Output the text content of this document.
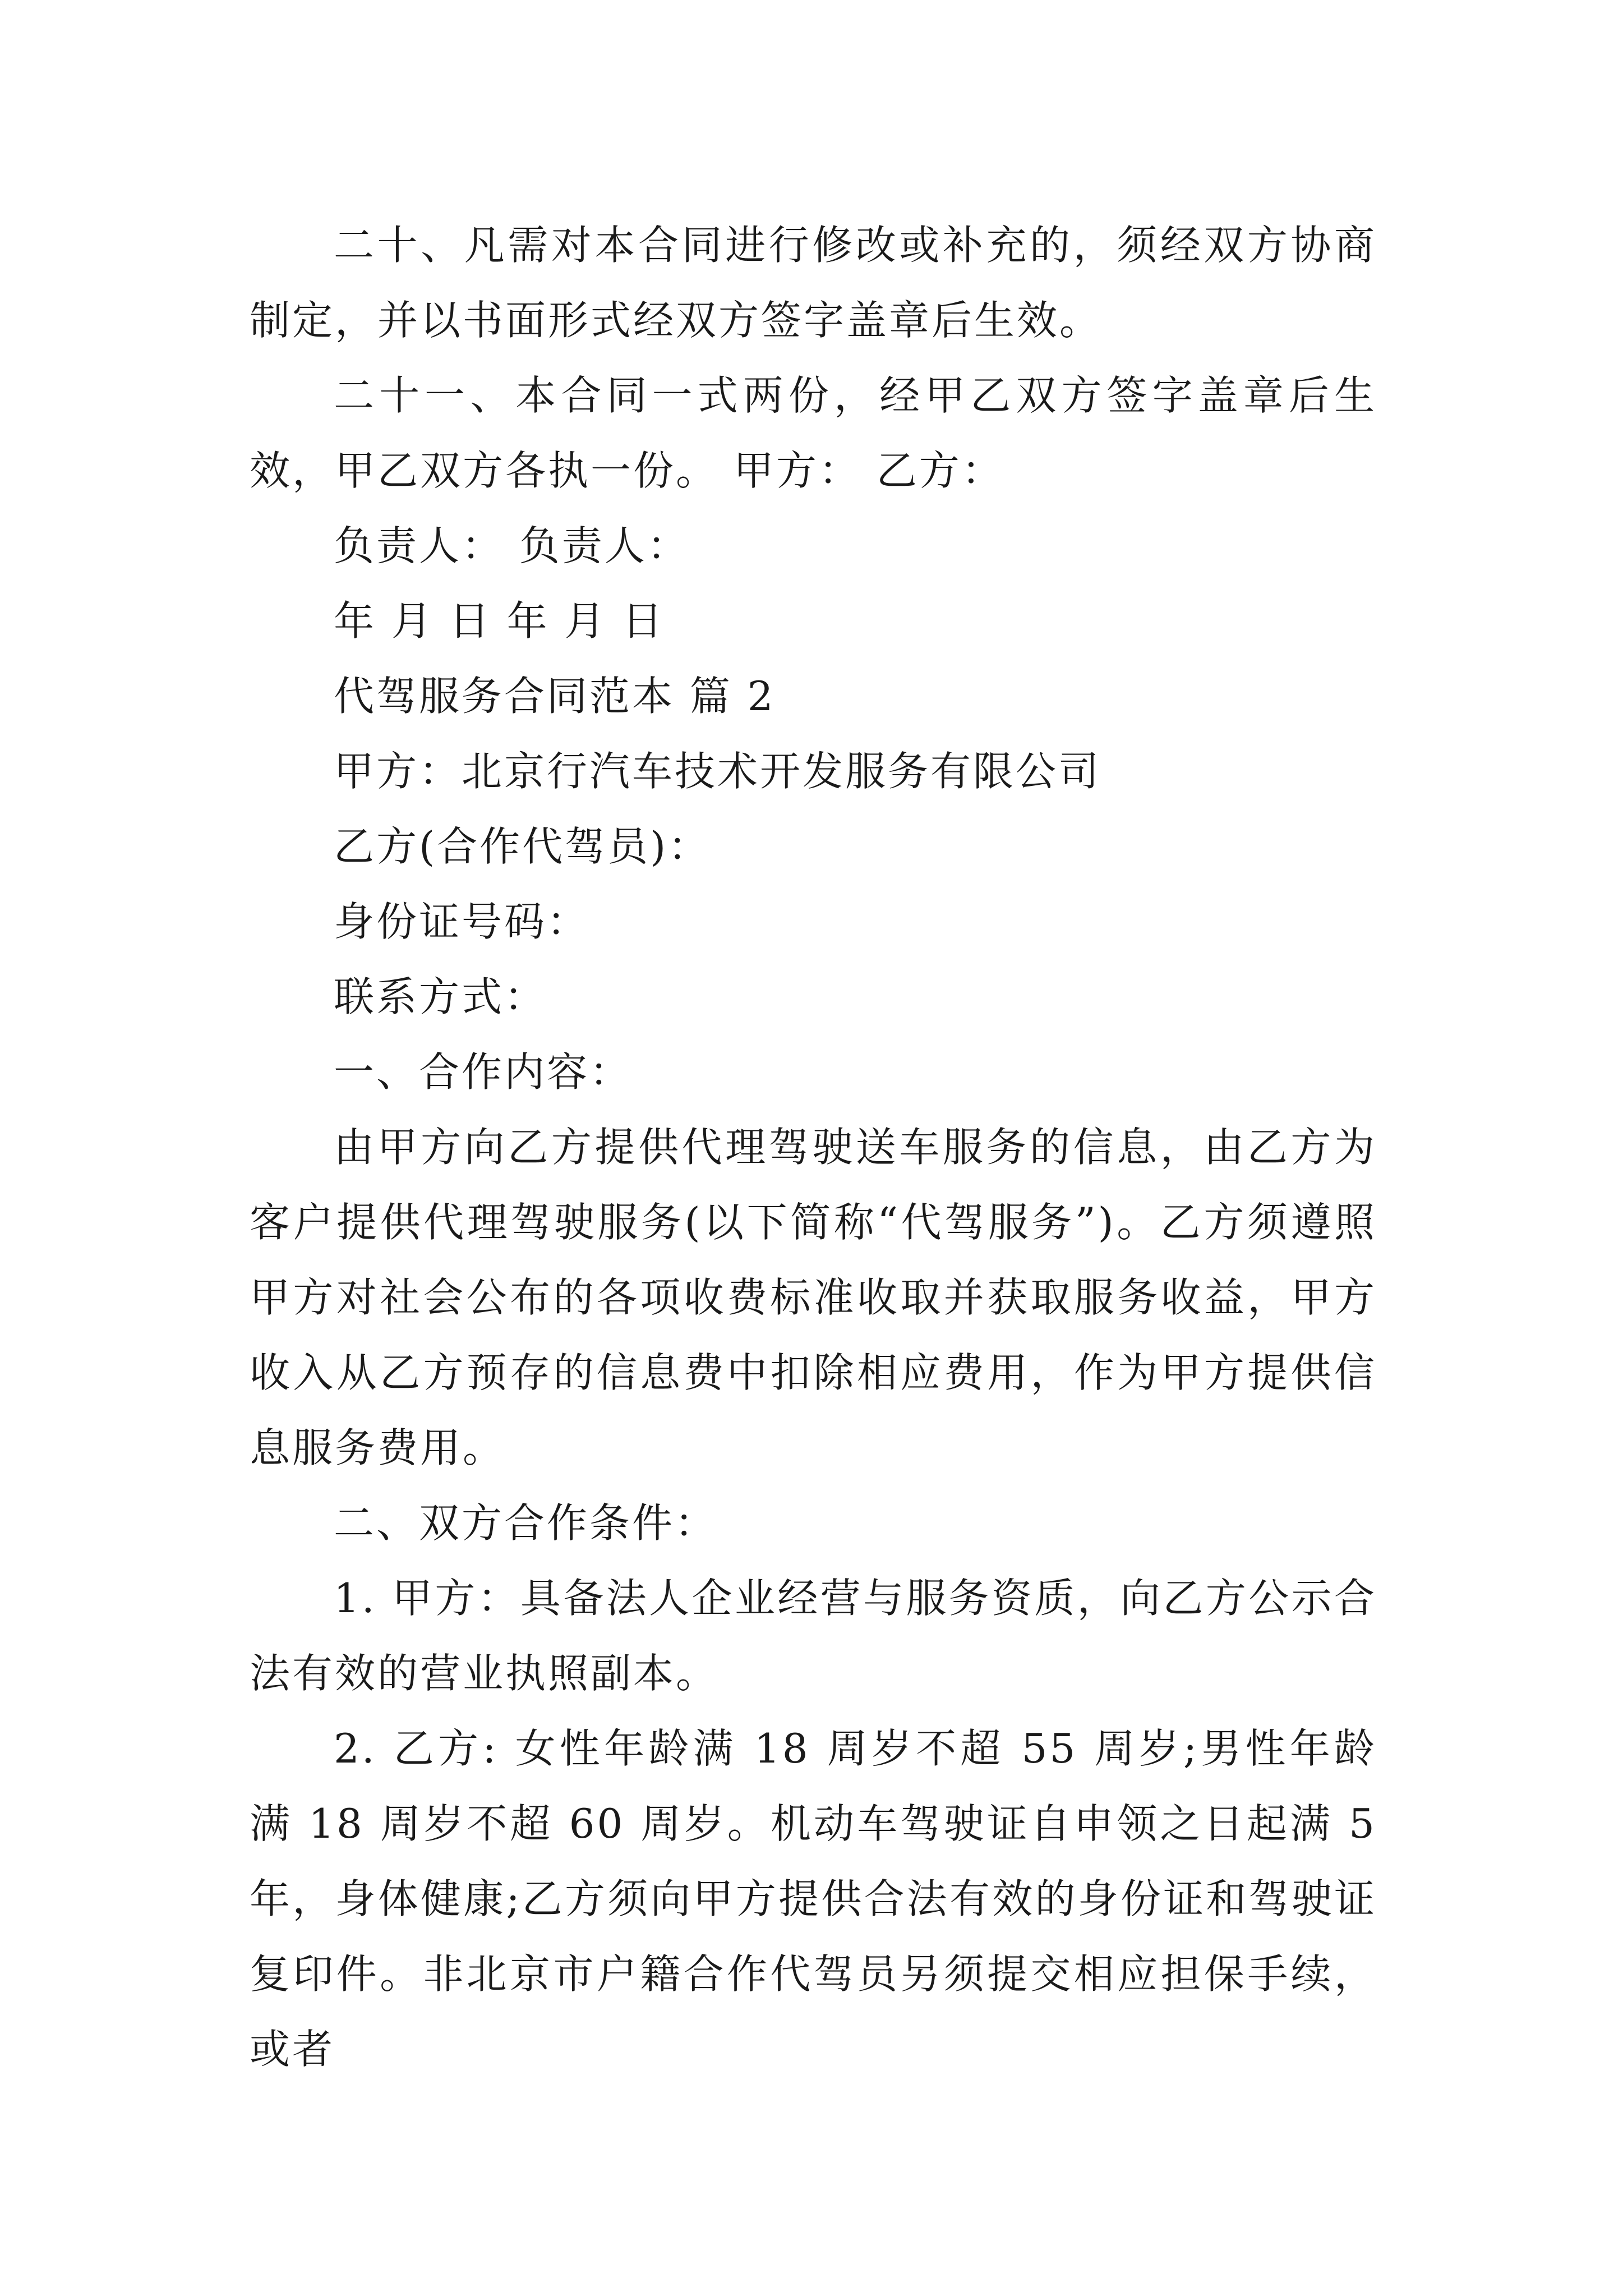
二十、凡需对本合同进行修改或补充的，须经双方协商制定，并以书面形式经双方签字盖章后生效。

二十一、本合同一式两份，经甲乙双方签字盖章后生效，甲乙双方各执一份。 甲方： 乙方：

负责人： 负责人：

年 月 日 年 月 日

代驾服务合同范本 篇 2

甲方：北京行汽车技术开发服务有限公司

乙方(合作代驾员)：

身份证号码：

联系方式：

一、合作内容：

由甲方向乙方提供代理驾驶送车服务的信息，由乙方为客户提供代理驾驶服务(以下简称“代驾服务”)。乙方须遵照甲方对社会公布的各项收费标准收取并获取服务收益，甲方收入从乙方预存的信息费中扣除相应费用，作为甲方提供信息服务费用。

二、双方合作条件：

1. 甲方：具备法人企业经营与服务资质，向乙方公示合法有效的营业执照副本。

2. 乙方: 女性年龄满 18 周岁不超 55 周岁;男性年龄满 18 周岁不超 60 周岁。机动车驾驶证自申领之日起满 5 年，身体健康;乙方须向甲方提供合法有效的身份证和驾驶证复印件。非北京市户籍合作代驾员另须提交相应担保手续，或者
